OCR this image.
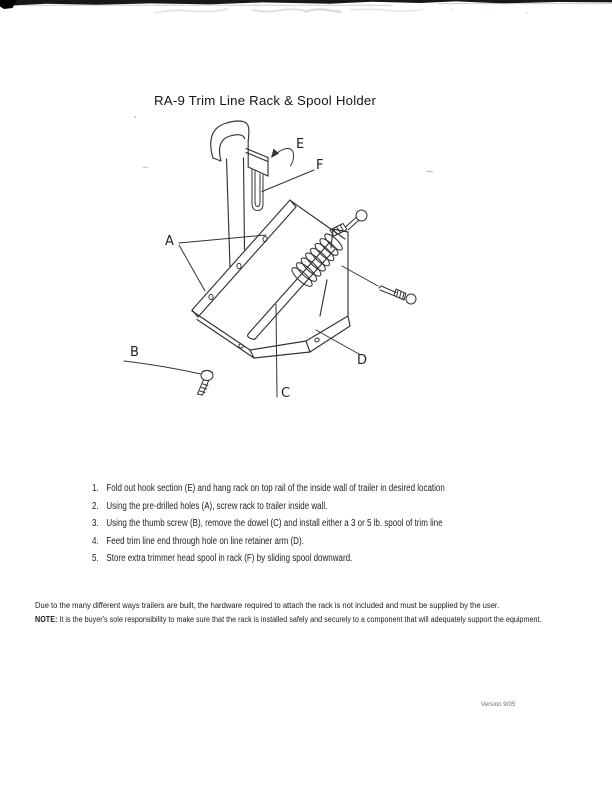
RA-9 Trim Line Rack & Spool Holder
A
B
C
D
E
F
1. Fold out hook section (E) and hang rack on top rail of the inside wall of trailer in desired location
2. Using the pre-drilled holes (A), screw rack to trailer inside wall.
3. Using the thumb screw (B), remove the dowel (C) and install either a 3 or 5 lb. spool of trim line
4. Feed trim line end through hole on line retainer arm (D).
5. Store extra trimmer head spool in rack (F) by sliding spool downward.
Due to the many different ways trailers are built, the hardware required to attach the rack is not included and must be supplied by the user.
NOTE: It is the buyer's sole responsibility to make sure that the rack is installed safely and securely to a component that will adequately support the equipment.
Version 9/05
